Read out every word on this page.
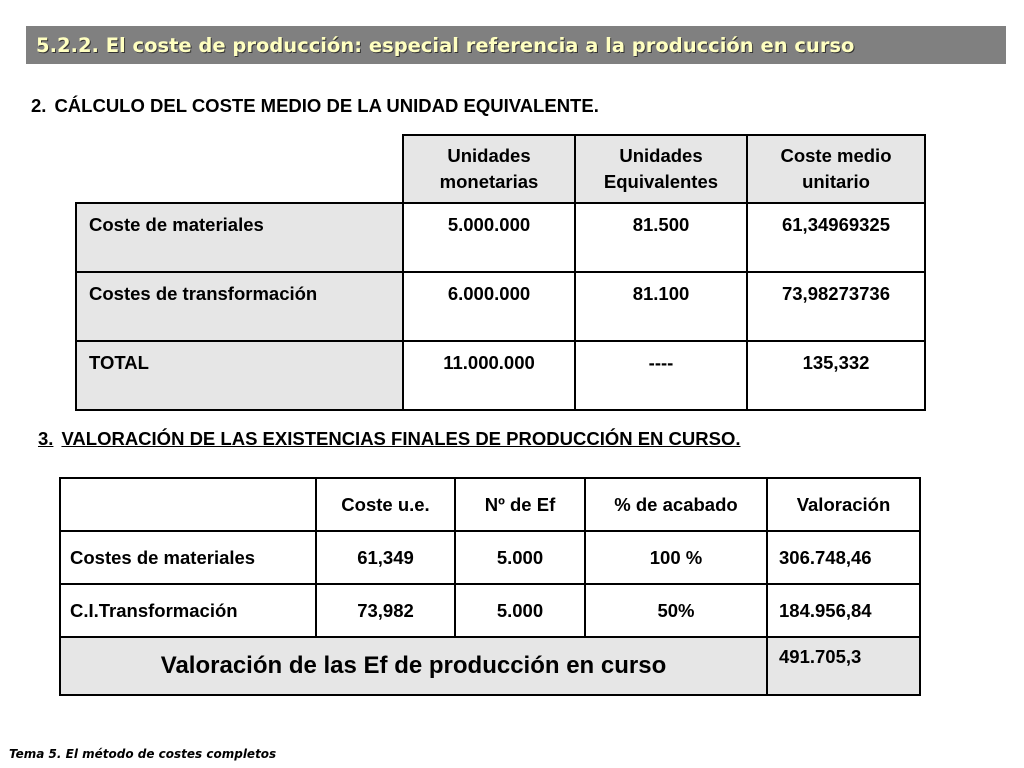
5.2.2. El coste de producción: especial referencia a la producción en curso
2. CÁLCULO DEL COSTE MEDIO DE LA UNIDAD EQUIVALENTE.
	Unidades monetarias	Unidades Equivalentes	Coste medio unitario
Coste de materiales	5.000.000	81.500	61,34969325
Costes de transformación	6.000.000	81.100	73,98273736
TOTAL	11.000.000	----	135,332
3. VALORACIÓN DE LAS EXISTENCIAS FINALES DE PRODUCCIÓN EN CURSO.
	Coste u.e.	Nº de Ef	% de acabado	Valoración
Costes de materiales	61,349	5.000	100 %	306.748,46
C.I.Transformación	73,982	5.000	50%	184.956,84
Valoración de las Ef de producción en curso				491.705,3
Tema 5. El método de costes completos
